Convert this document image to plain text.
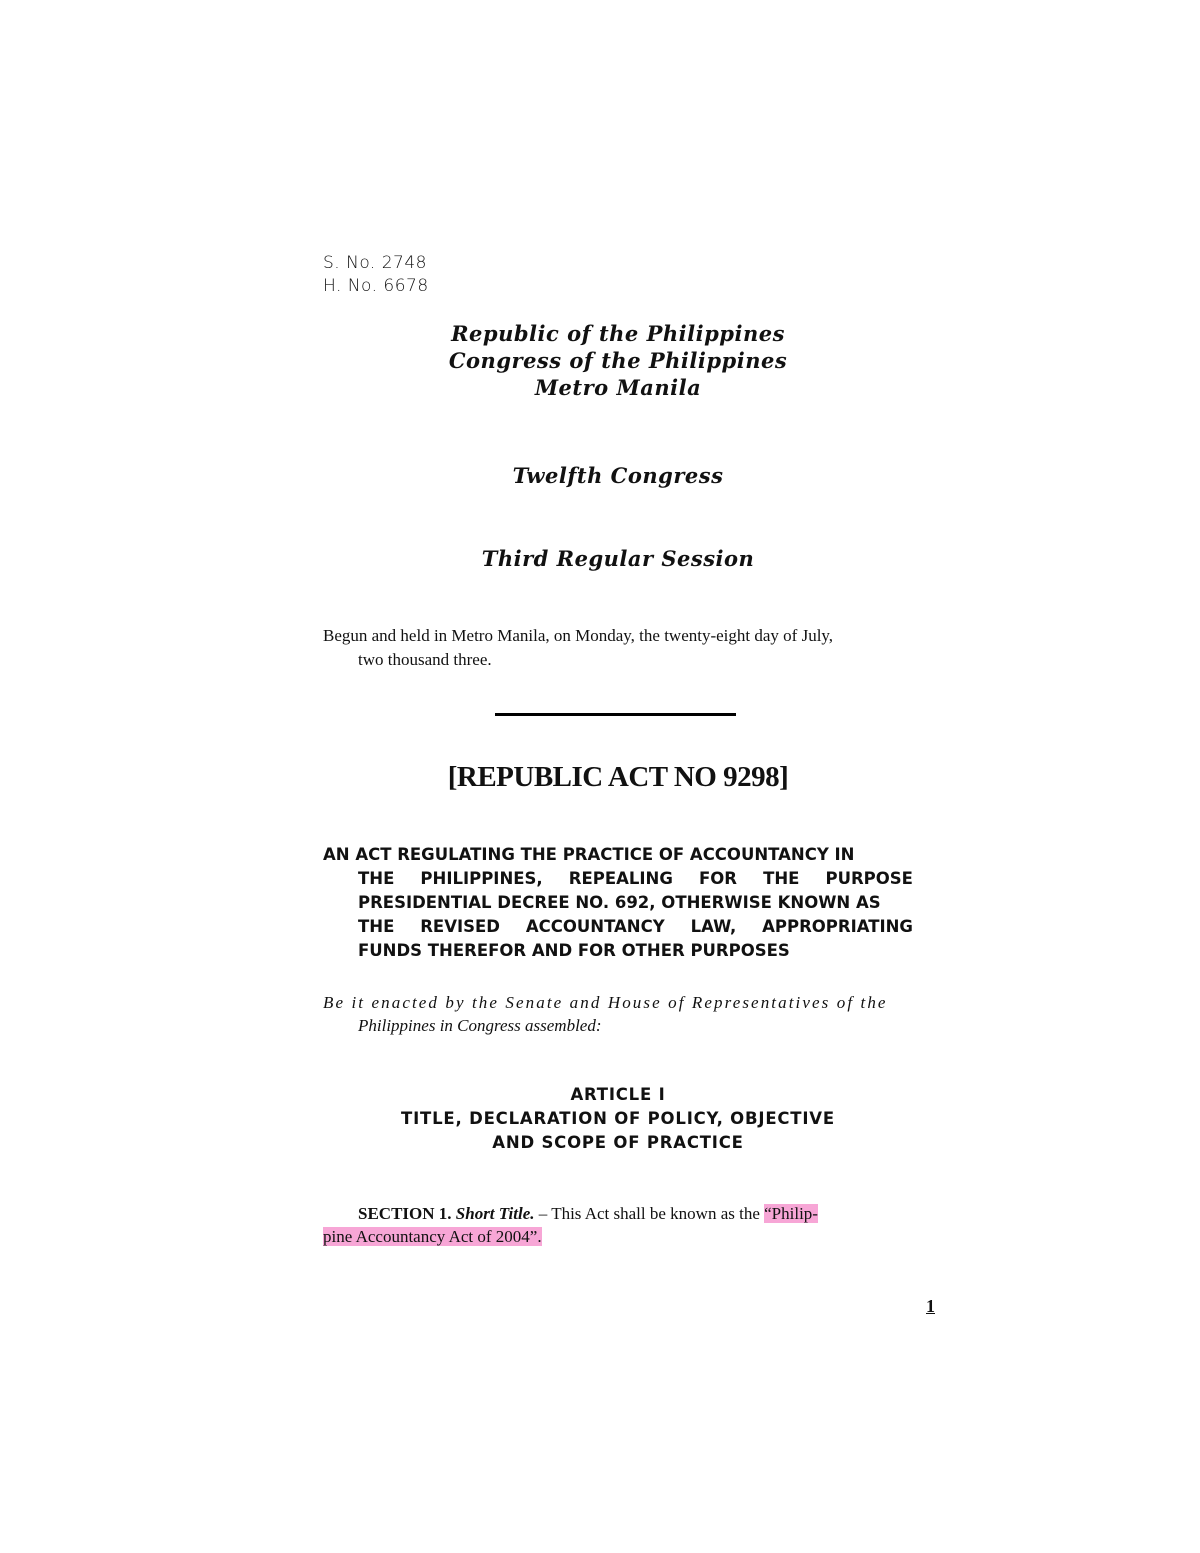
S. No. 2748
H. No. 6678
Republic of the Philippines
Congress of the Philippines
Metro Manila
Twelfth Congress
Third Regular Session
Begun and held in Metro Manila, on Monday, the twenty-eight day of July,
two thousand three.
[REPUBLIC ACT NO 9298]
AN ACT REGULATING THE PRACTICE OF ACCOUNTANCY IN
THE PHILIPPINES, REPEALING FOR THE PURPOSE
PRESIDENTIAL DECREE NO. 692, OTHERWISE KNOWN AS
THE REVISED ACCOUNTANCY LAW, APPROPRIATING
FUNDS THEREFOR AND FOR OTHER PURPOSES
Be it enacted by the Senate and House of Representatives of the
Philippines in Congress assembled:
ARTICLE I
TITLE, DECLARATION OF POLICY, OBJECTIVE
AND SCOPE OF PRACTICE
SECTION 1. Short Title. – This Act shall be known as the “Philip-
pine Accountancy Act of 2004”.
1
